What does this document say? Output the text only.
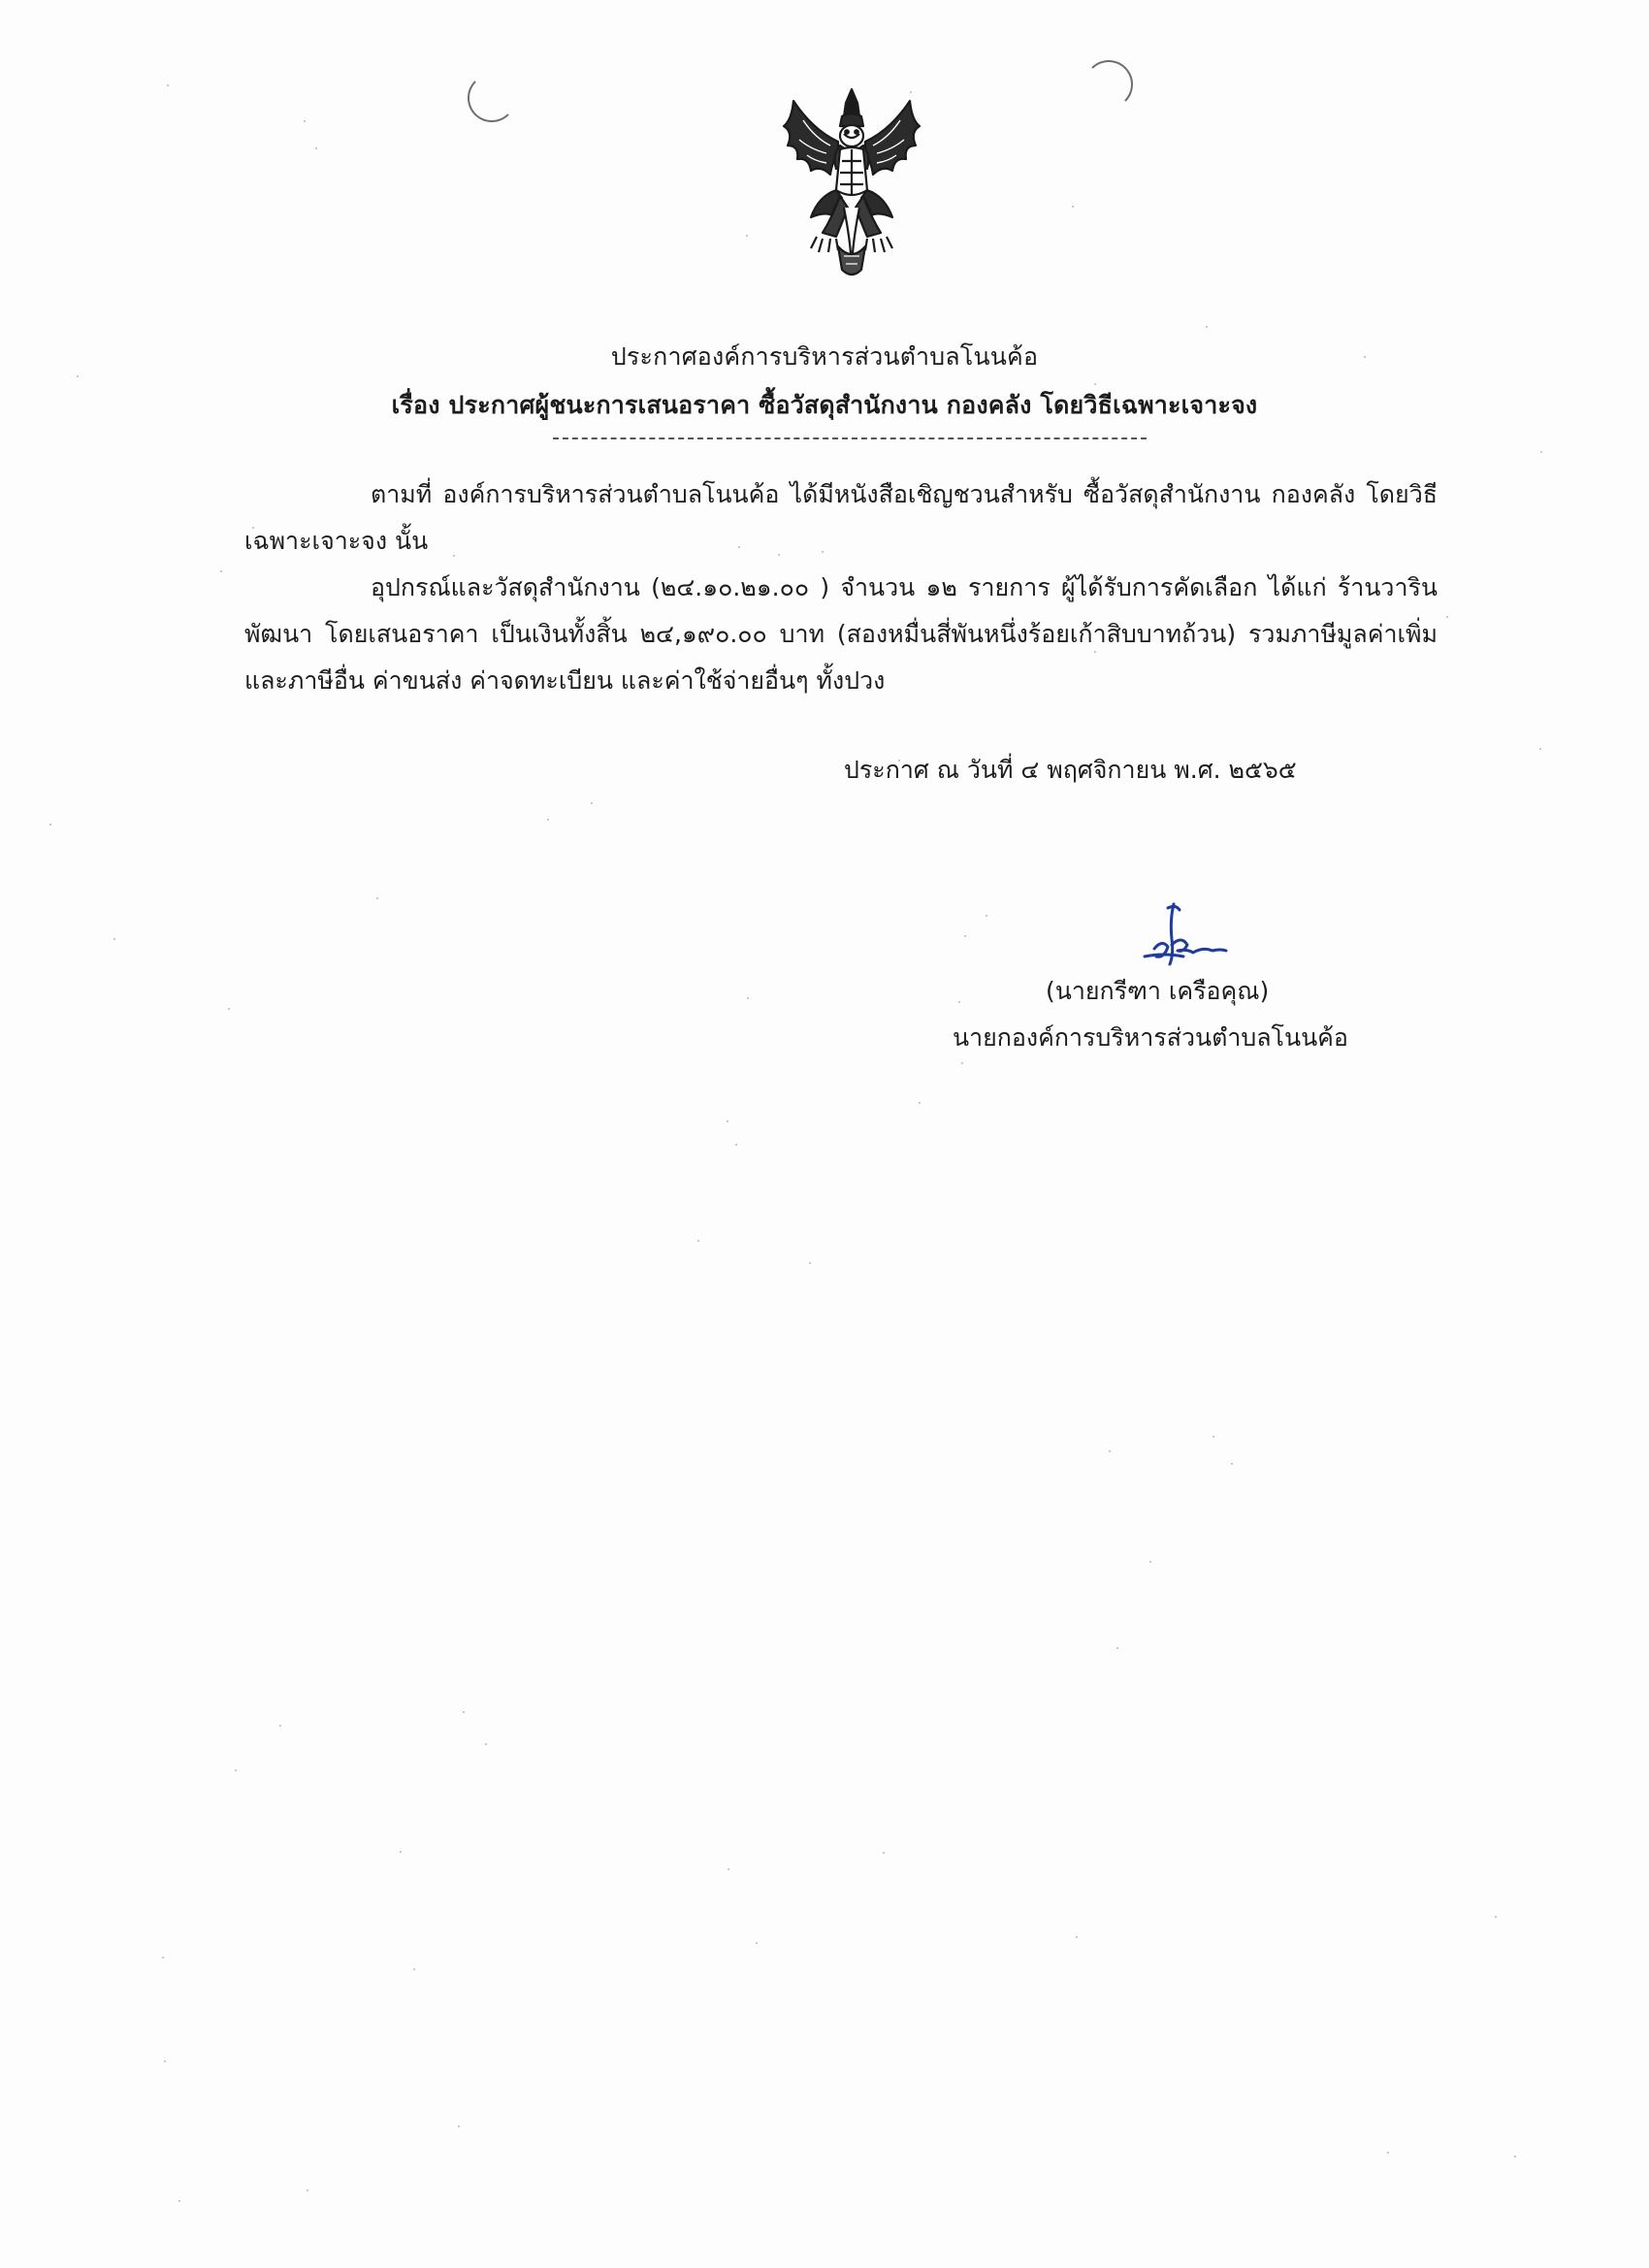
ประกาศองค์การบริหารส่วนตำบลโนนค้อ
เรื่อง ประกาศผู้ชนะการเสนอราคา ซื้อวัสดุสำนักงาน กองคลัง โดยวิธีเฉพาะเจาะจง

ตามที่ องค์การบริหารส่วนตำบลโนนค้อ ได้มีหนังสือเชิญชวนสำหรับ ซื้อวัสดุสำนักงาน กองคลัง โดยวิธีเฉพาะเจาะจง นั้น

อุปกรณ์และวัสดุสำนักงาน (๒๔.๑๐.๒๑.๐๐ ) จำนวน ๑๒ รายการ ผู้ได้รับการคัดเลือก ได้แก่ ร้านวาริน พัฒนา โดยเสนอราคา เป็นเงินทั้งสิ้น ๒๔,๑๙๐.๐๐ บาท (สองหมื่นสี่พันหนึ่งร้อยเก้าสิบบาทถ้วน) รวมภาษีมูลค่าเพิ่ม และภาษีอื่น ค่าขนส่ง ค่าจดทะเบียน และค่าใช้จ่ายอื่นๆ ทั้งปวง

ประกาศ ณ วันที่ ๔ พฤศจิกายน พ.ศ. ๒๕๖๕
(นายกรีฑา เครือคุณ)
นายกองค์การบริหารส่วนตำบลโนนค้อ
